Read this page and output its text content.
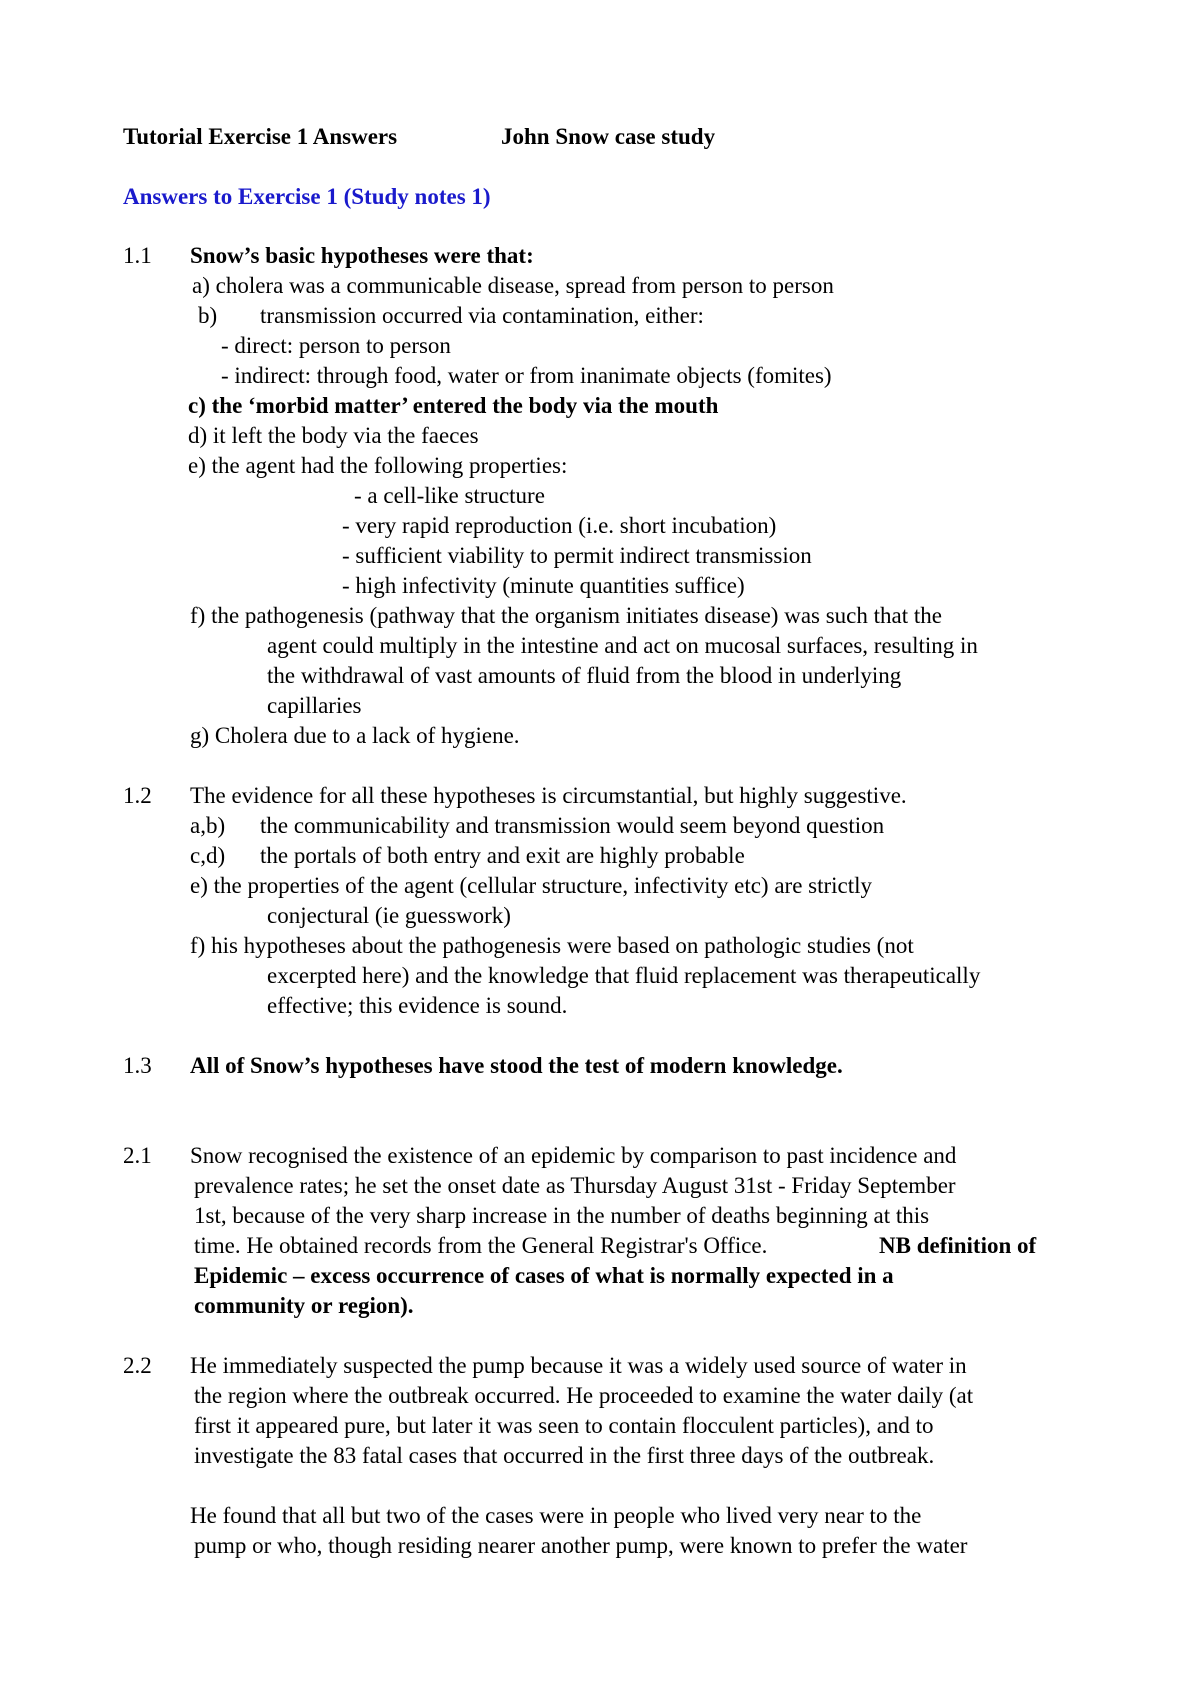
Tutorial Exercise 1 Answers	John Snow case study
Answers to Exercise 1 (Study notes 1)
1.1 Snow’s basic hypotheses were that:
a) cholera was a communicable disease, spread from person to person
b) transmission occurred via contamination, either:
- direct: person to person
- indirect: through food, water or from inanimate objects (fomites)
c) the ‘morbid matter’ entered the body via the mouth
d) it left the body via the faeces
e) the agent had the following properties:
- a cell-like structure
- very rapid reproduction (i.e. short incubation)
- sufficient viability to permit indirect transmission
- high infectivity (minute quantities suffice)
f) the pathogenesis (pathway that the organism initiates disease) was such that the
agent could multiply in the intestine and act on mucosal surfaces, resulting in
the withdrawal of vast amounts of fluid from the blood in underlying
capillaries
g) Cholera due to a lack of hygiene.
1.2 The evidence for all these hypotheses is circumstantial, but highly suggestive.
a,b) the communicability and transmission would seem beyond question
c,d) the portals of both entry and exit are highly probable
e) the properties of the agent (cellular structure, infectivity etc) are strictly
conjectural (ie guesswork)
f) his hypotheses about the pathogenesis were based on pathologic studies (not
excerpted here) and the knowledge that fluid replacement was therapeutically
effective; this evidence is sound.
1.3 All of Snow’s hypotheses have stood the test of modern knowledge.
2.1 Snow recognised the existence of an epidemic by comparison to past incidence and
prevalence rates; he set the onset date as Thursday August 31st - Friday September
1st, because of the very sharp increase in the number of deaths beginning at this
time. He obtained records from the General Registrar's Office.	NB definition of
Epidemic – excess occurrence of cases of what is normally expected in a
community or region).
2.2 He immediately suspected the pump because it was a widely used source of water in
the region where the outbreak occurred. He proceeded to examine the water daily (at
first it appeared pure, but later it was seen to contain flocculent particles), and to
investigate the 83 fatal cases that occurred in the first three days of the outbreak.
He found that all but two of the cases were in people who lived very near to the
pump or who, though residing nearer another pump, were known to prefer the water
